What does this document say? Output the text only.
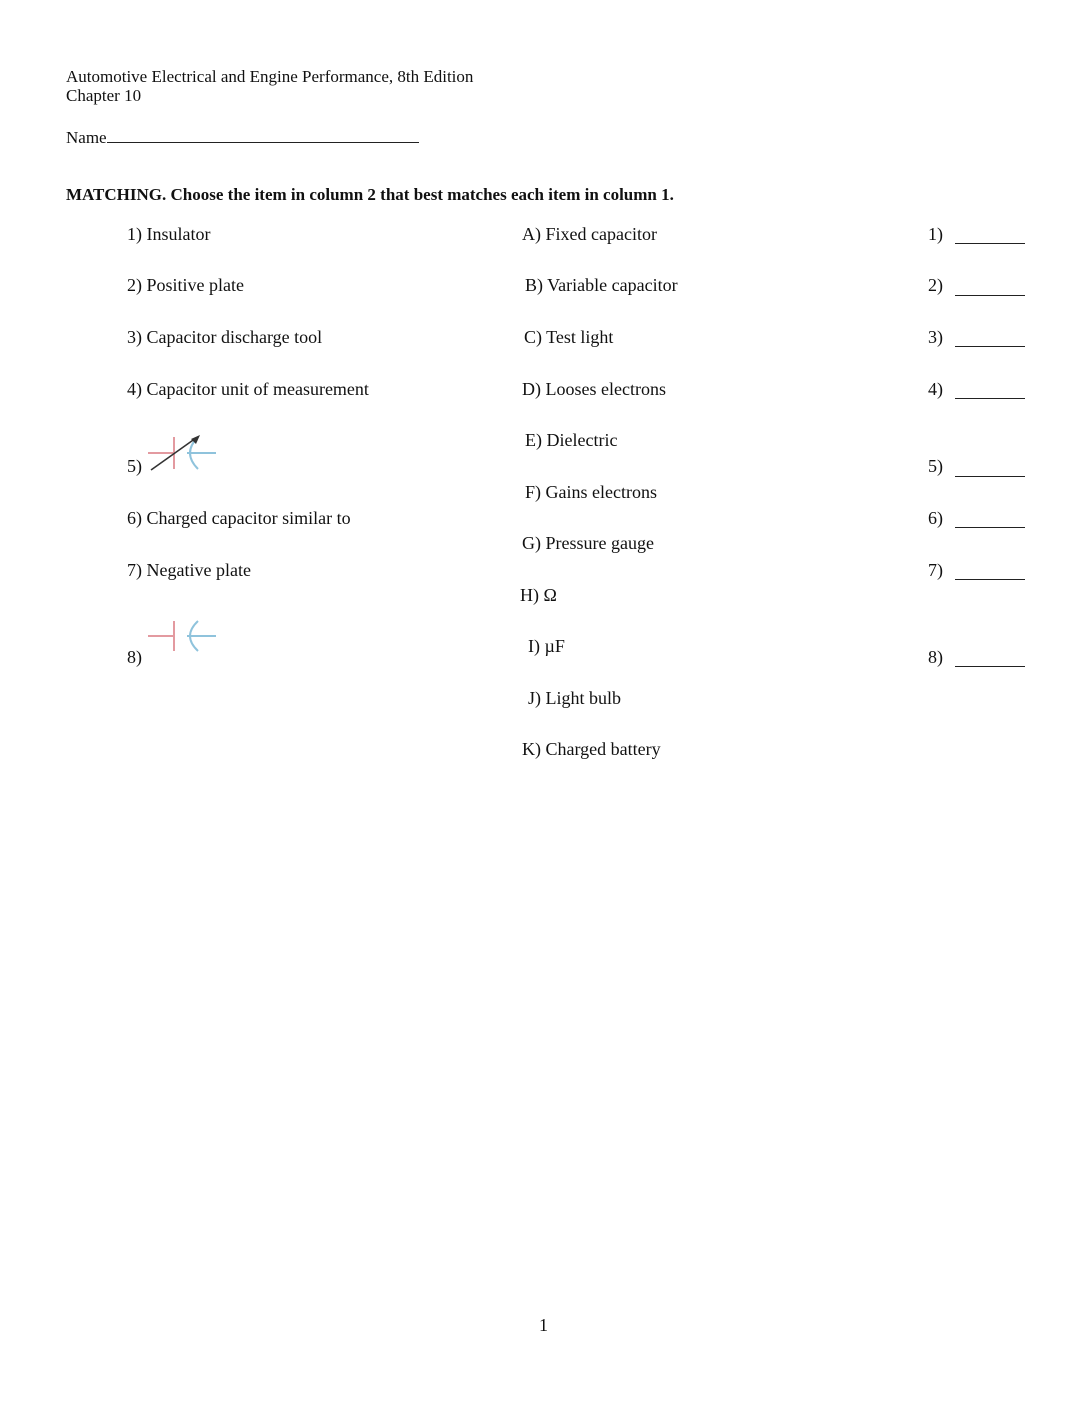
Automotive Electrical and Engine Performance, 8th Edition
Chapter 10
Name
MATCHING. Choose the item in column 2 that best matches each item in column 1.
1) Insulator
2) Positive plate
3) Capacitor discharge tool
4) Capacitor unit of measurement
5)
6) Charged capacitor similar to
7) Negative plate
8)
A) Fixed capacitor
B) Variable capacitor
C) Test light
D) Looses electrons
E) Dielectric
F) Gains electrons
G) Pressure gauge
H) Ω
I) µF
J) Light bulb
K) Charged battery
1)
2)
3)
4)
5)
6)
7)
8)
1
